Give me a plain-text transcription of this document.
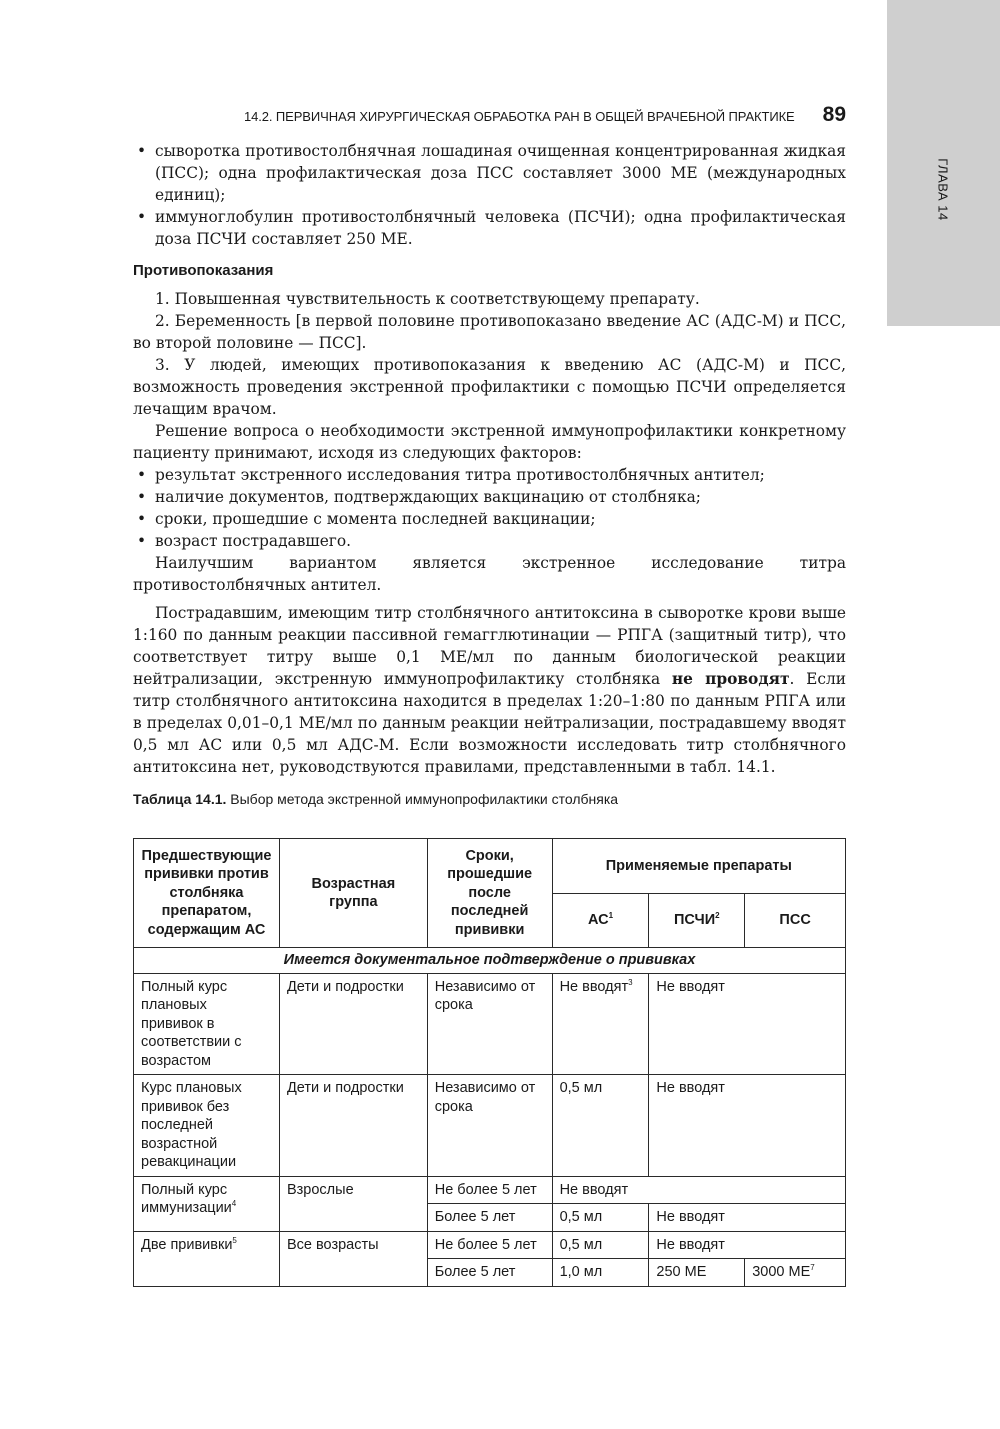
ГЛАВА 14
14.2. ПЕРВИЧНАЯ ХИРУРГИЧЕСКАЯ ОБРАБОТКА РАН В ОБЩЕЙ ВРАЧЕБНОЙ ПРАКТИКЕ 89

• сыворотка противостолбнячная лошадиная очищенная концентрированная жидкая (ПСС); одна профилактическая доза ПСС составляет 3000 МЕ (международных единиц);

• иммуноглобулин противостолбнячный человека (ПСЧИ); одна профилактическая доза ПСЧИ составляет 250 МЕ.

Противопоказания

1. Повышенная чувствительность к соответствующему препарату.

2. Беременность [в первой половине противопоказано введение АС (АДС-М) и ПСС, во второй половине — ПСС].

3. У людей, имеющих противопоказания к введению АС (АДС-М) и ПСС, возможность проведения экстренной профилактики с помощью ПСЧИ определяется лечащим врачом.

Решение вопроса о необходимости экстренной иммунопрофилактики конкретному пациенту принимают, исходя из следующих факторов:

• результат экстренного исследования титра противостолбнячных антител;

• наличие документов, подтверждающих вакцинацию от столбняка;

• сроки, прошедшие с момента последней вакцинации;

• возраст пострадавшего.

Наилучшим вариантом является экстренное исследование титра противостолбнячных антител.

Пострадавшим, имеющим титр столбнячного антитоксина в сыворотке крови выше 1:160 по данным реакции пассивной гемагглютинации — РПГА (защитный титр), что соответствует титру выше 0,1 МЕ/мл по данным биологической реакции нейтрализации, экстренную иммунопрофилактику столбняка не проводят. Если титр столбнячного антитоксина находится в пределах 1:20–1:80 по данным РПГА или в пределах 0,01–0,1 МЕ/мл по данным реакции нейтрализации, пострадавшему вводят 0,5 мл АС или 0,5 мл АДС-М. Если возможности исследовать титр столбнячного антитоксина нет, руководствуются правилами, представленными в табл. 14.1.

Таблица 14.1. Выбор метода экстренной иммунопрофилактики столбняка

Предшествующие прививки против столбняка препаратом, содержащим АС	Возрастная группа	Сроки, прошедшие после последней прививки	Применяемые препараты		
			$АС^1$	ПСЧИ$^2$	ПСС
Имеется документальное подтверждение о прививках					
Полный курс плановых прививок в соответствии с возрастом	Дети и подростки	Независимо от срока	Не вводят$^3$	Не вводят	
Курс плановых прививок без последней возрастной ревакцинации	Дети и подростки	Независимо от срока	0,5 мл	Не вводят	
Полный курс иммунизации$^4$	Взрослые	Не более 5 лет	Не вводят		
		Более 5 лет	0,5 мл	Не вводят	
Две прививки$^5$	Все возрасты	Не более 5 лет	0,5 мл	Не вводят	
		Более 5 лет	1,0 мл	250 МЕ	3000 $МЕ^7$
